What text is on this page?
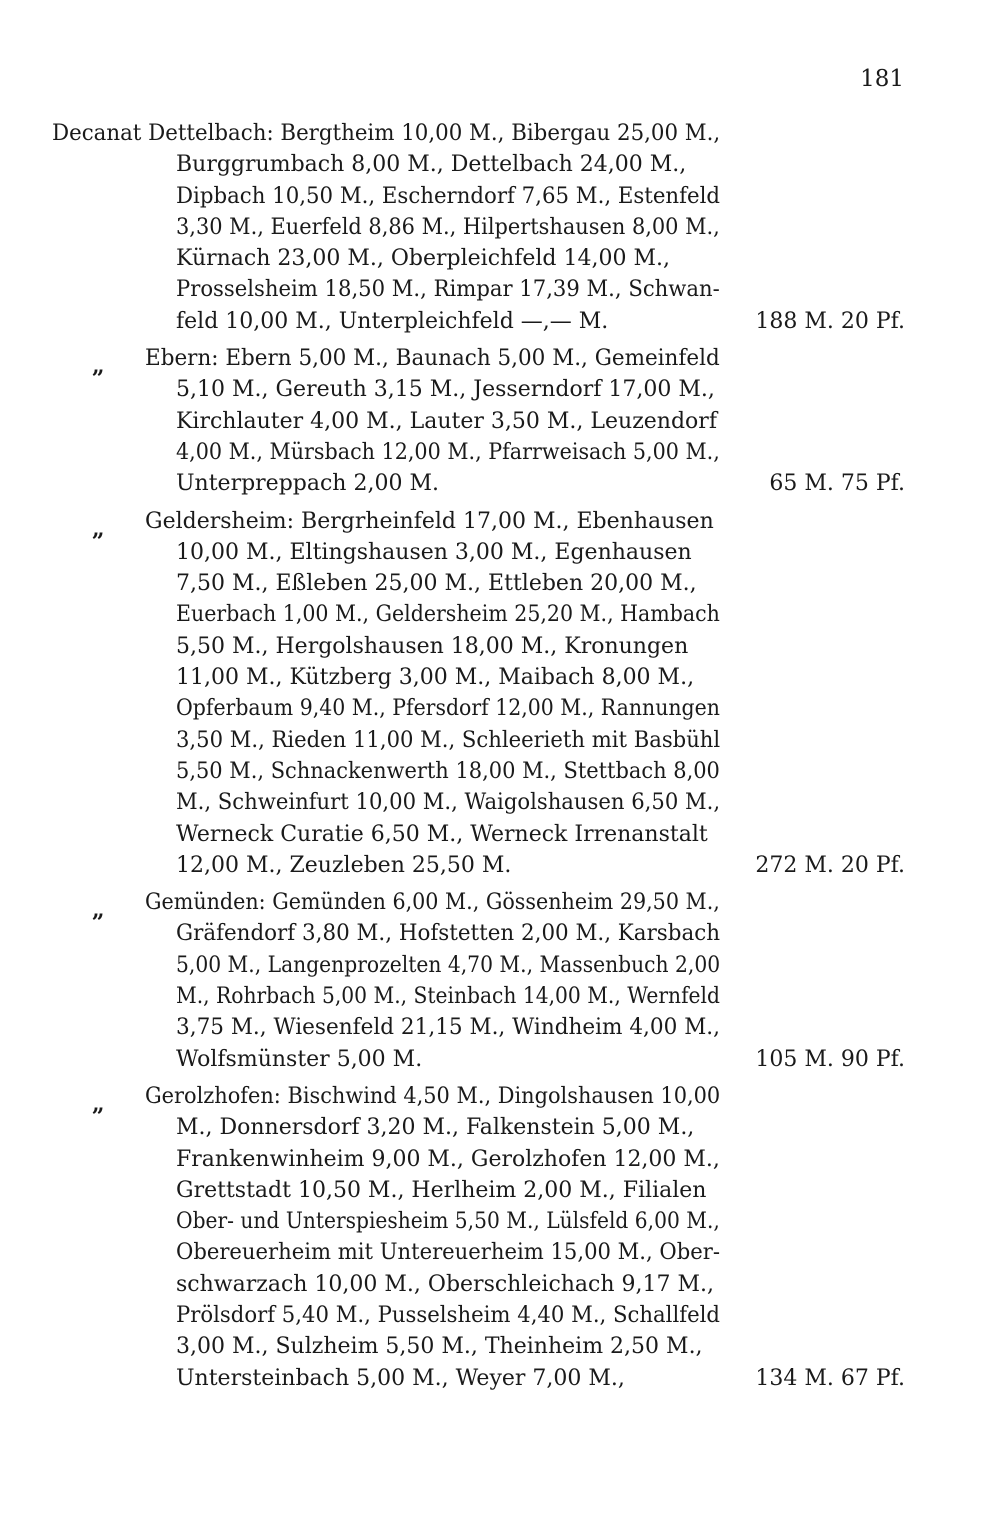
181
Decanat Dettelbach: Bergtheim 10,00 M., Bibergau 25,00 M.,
Burggrumbach 8,00 M., Dettelbach 24,00 M.,
Dipbach 10,50 M., Escherndorf 7,65 M., Estenfeld
3,30 M., Euerfeld 8,86 M., Hilpertshausen 8,00 M.,
Kürnach 23,00 M., Oberpleichfeld 14,00 M.,
Prosselsheim 18,50 M., Rimpar 17,39 M., Schwan-
feld 10,00 M., Unterpleichfeld —,— M.	188 M. 20 Pf.
„	Ebern: Ebern 5,00 M., Baunach 5,00 M., Gemeinfeld
5,10 M., Gereuth 3,15 M., Jesserndorf 17,00 M.,
Kirchlauter 4,00 M., Lauter 3,50 M., Leuzendorf
4,00 M., Mürsbach 12,00 M., Pfarrweisach 5,00 M.,
Unterpreppach 2,00 M.	65 M. 75 Pf.
„	Geldersheim: Bergrheinfeld 17,00 M., Ebenhausen
10,00 M., Eltingshausen 3,00 M., Egenhausen
7,50 M., Eßleben 25,00 M., Ettleben 20,00 M.,
Euerbach 1,00 M., Geldersheim 25,20 M., Hambach
5,50 M., Hergolshausen 18,00 M., Kronungen
11,00 M., Kützberg 3,00 M., Maibach 8,00 M.,
Opferbaum 9,40 M., Pfersdorf 12,00 M., Rannungen
3,50 M., Rieden 11,00 M., Schleerieth mit Basbühl
5,50 M., Schnackenwerth 18,00 M., Stettbach 8,00
M., Schweinfurt 10,00 M., Waigolshausen 6,50 M.,
Werneck Curatie 6,50 M., Werneck Irrenanstalt
12,00 M., Zeuzleben 25,50 M.	272 M. 20 Pf.
„	Gemünden: Gemünden 6,00 M., Gössenheim 29,50 M.,
Gräfendorf 3,80 M., Hofstetten 2,00 M., Karsbach
5,00 M., Langenprozelten 4,70 M., Massenbuch 2,00
M., Rohrbach 5,00 M., Steinbach 14,00 M., Wernfeld
3,75 M., Wiesenfeld 21,15 M., Windheim 4,00 M.,
Wolfsmünster 5,00 M.	105 M. 90 Pf.
„	Gerolzhofen: Bischwind 4,50 M., Dingolshausen 10,00
M., Donnersdorf 3,20 M., Falkenstein 5,00 M.,
Frankenwinheim 9,00 M., Gerolzhofen 12,00 M.,
Grettstadt 10,50 M., Herlheim 2,00 M., Filialen
Ober- und Unterspiesheim 5,50 M., Lülsfeld 6,00 M.,
Obereuerheim mit Untereuerheim 15,00 M., Ober-
schwarzach 10,00 M., Oberschleichach 9,17 M.,
Prölsdorf 5,40 M., Pusselsheim 4,40 M., Schallfeld
3,00 M., Sulzheim 5,50 M., Theinheim 2,50 M.,
Untersteinbach 5,00 M., Weyer 7,00 M.,	134 M. 67 Pf.
